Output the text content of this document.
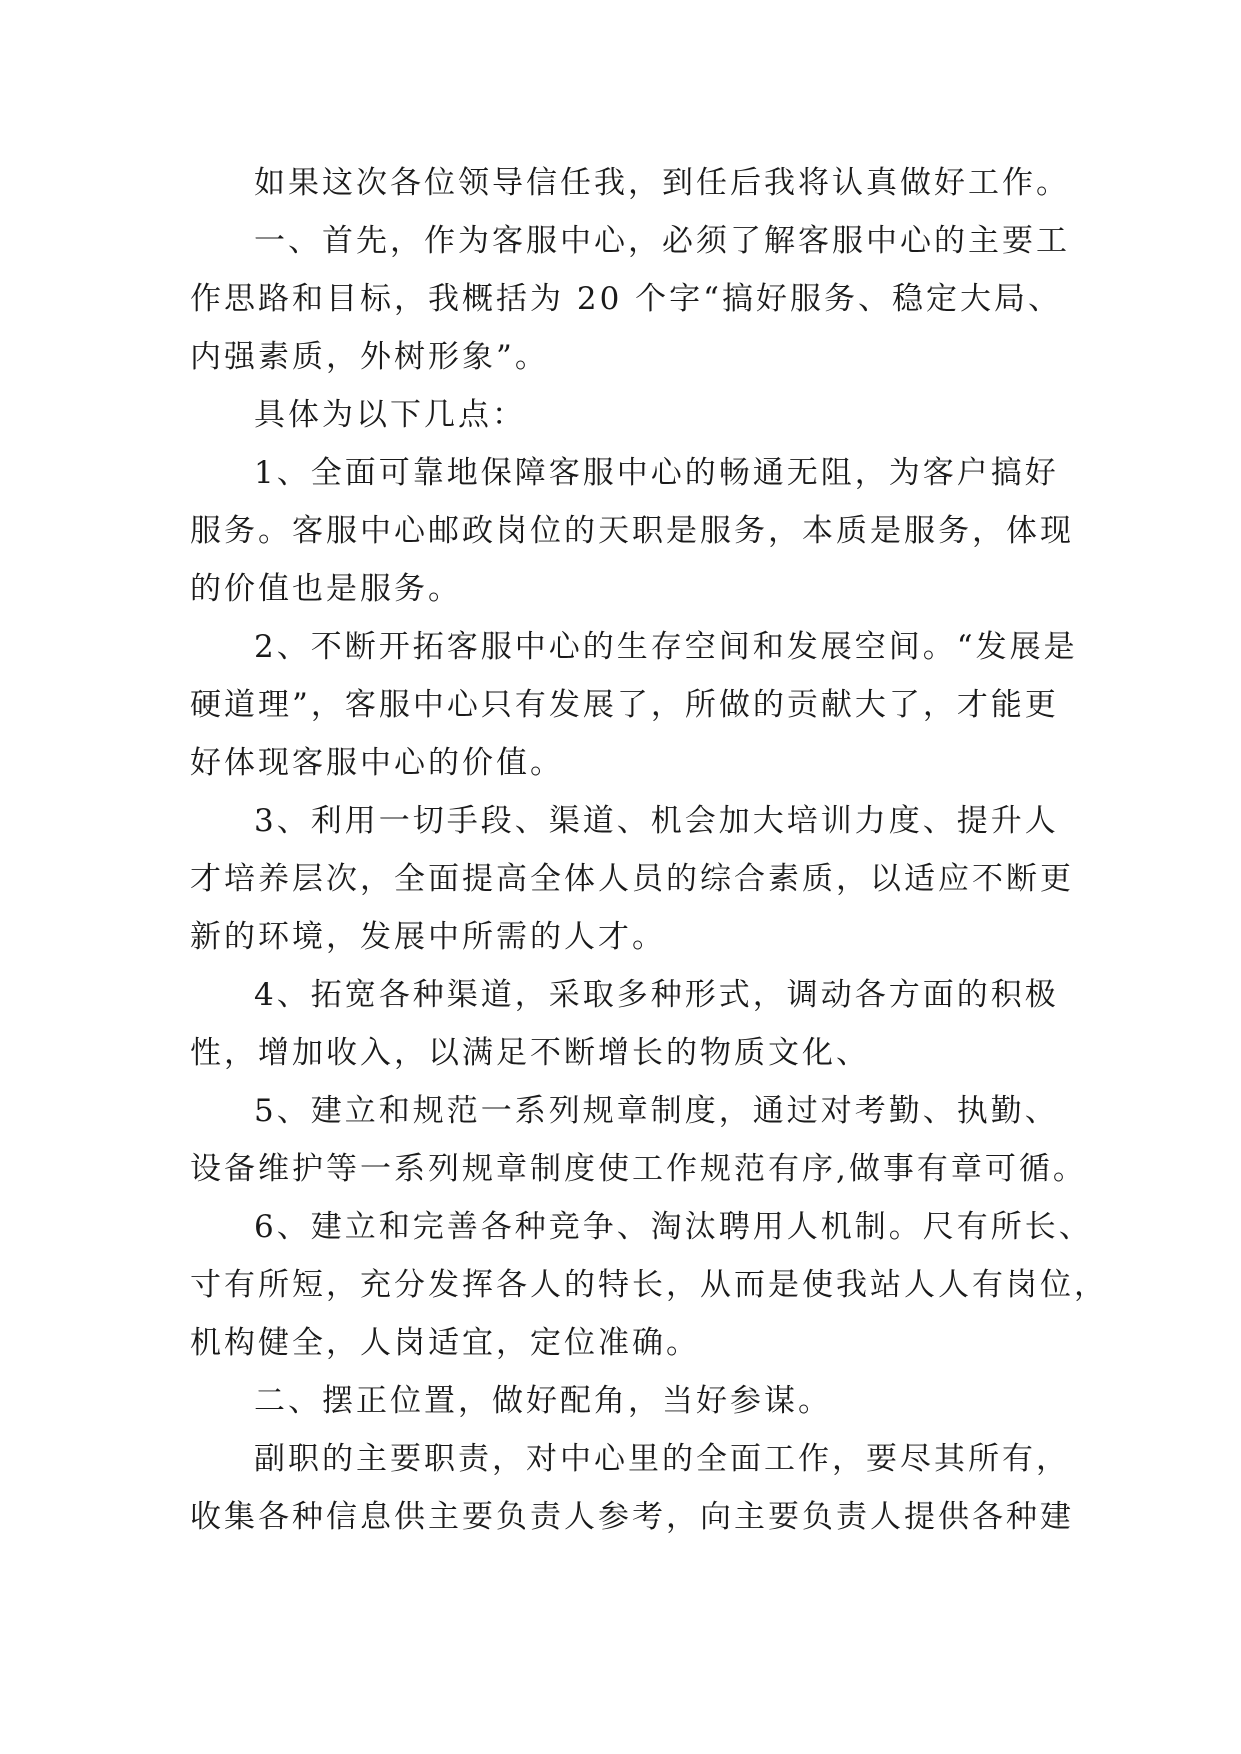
如果这次各位领导信任我，到任后我将认真做好工作。
一、首先，作为客服中心，必须了解客服中心的主要工
作思路和目标，我概括为 20 个字“搞好服务、稳定大局、
内强素质，外树形象”。
具体为以下几点：
1、全面可靠地保障客服中心的畅通无阻，为客户搞好
服务。客服中心邮政岗位的天职是服务，本质是服务，体现
的价值也是服务。
2、不断开拓客服中心的生存空间和发展空间。“发展是
硬道理”，客服中心只有发展了，所做的贡献大了，才能更
好体现客服中心的价值。
3、利用一切手段、渠道、机会加大培训力度、提升人
才培养层次，全面提高全体人员的综合素质，以适应不断更
新的环境，发展中所需的人才。
4、拓宽各种渠道，采取多种形式，调动各方面的积极
性，增加收入，以满足不断增长的物质文化、
5、建立和规范一系列规章制度，通过对考勤、执勤、
设备维护等一系列规章制度使工作规范有序,做事有章可循。
6、建立和完善各种竞争、淘汰聘用人机制。尺有所长、
寸有所短，充分发挥各人的特长，从而是使我站人人有岗位，
机构健全，人岗适宜，定位准确。
二、摆正位置，做好配角，当好参谋。
副职的主要职责，对中心里的全面工作，要尽其所有，
收集各种信息供主要负责人参考，向主要负责人提供各种建
